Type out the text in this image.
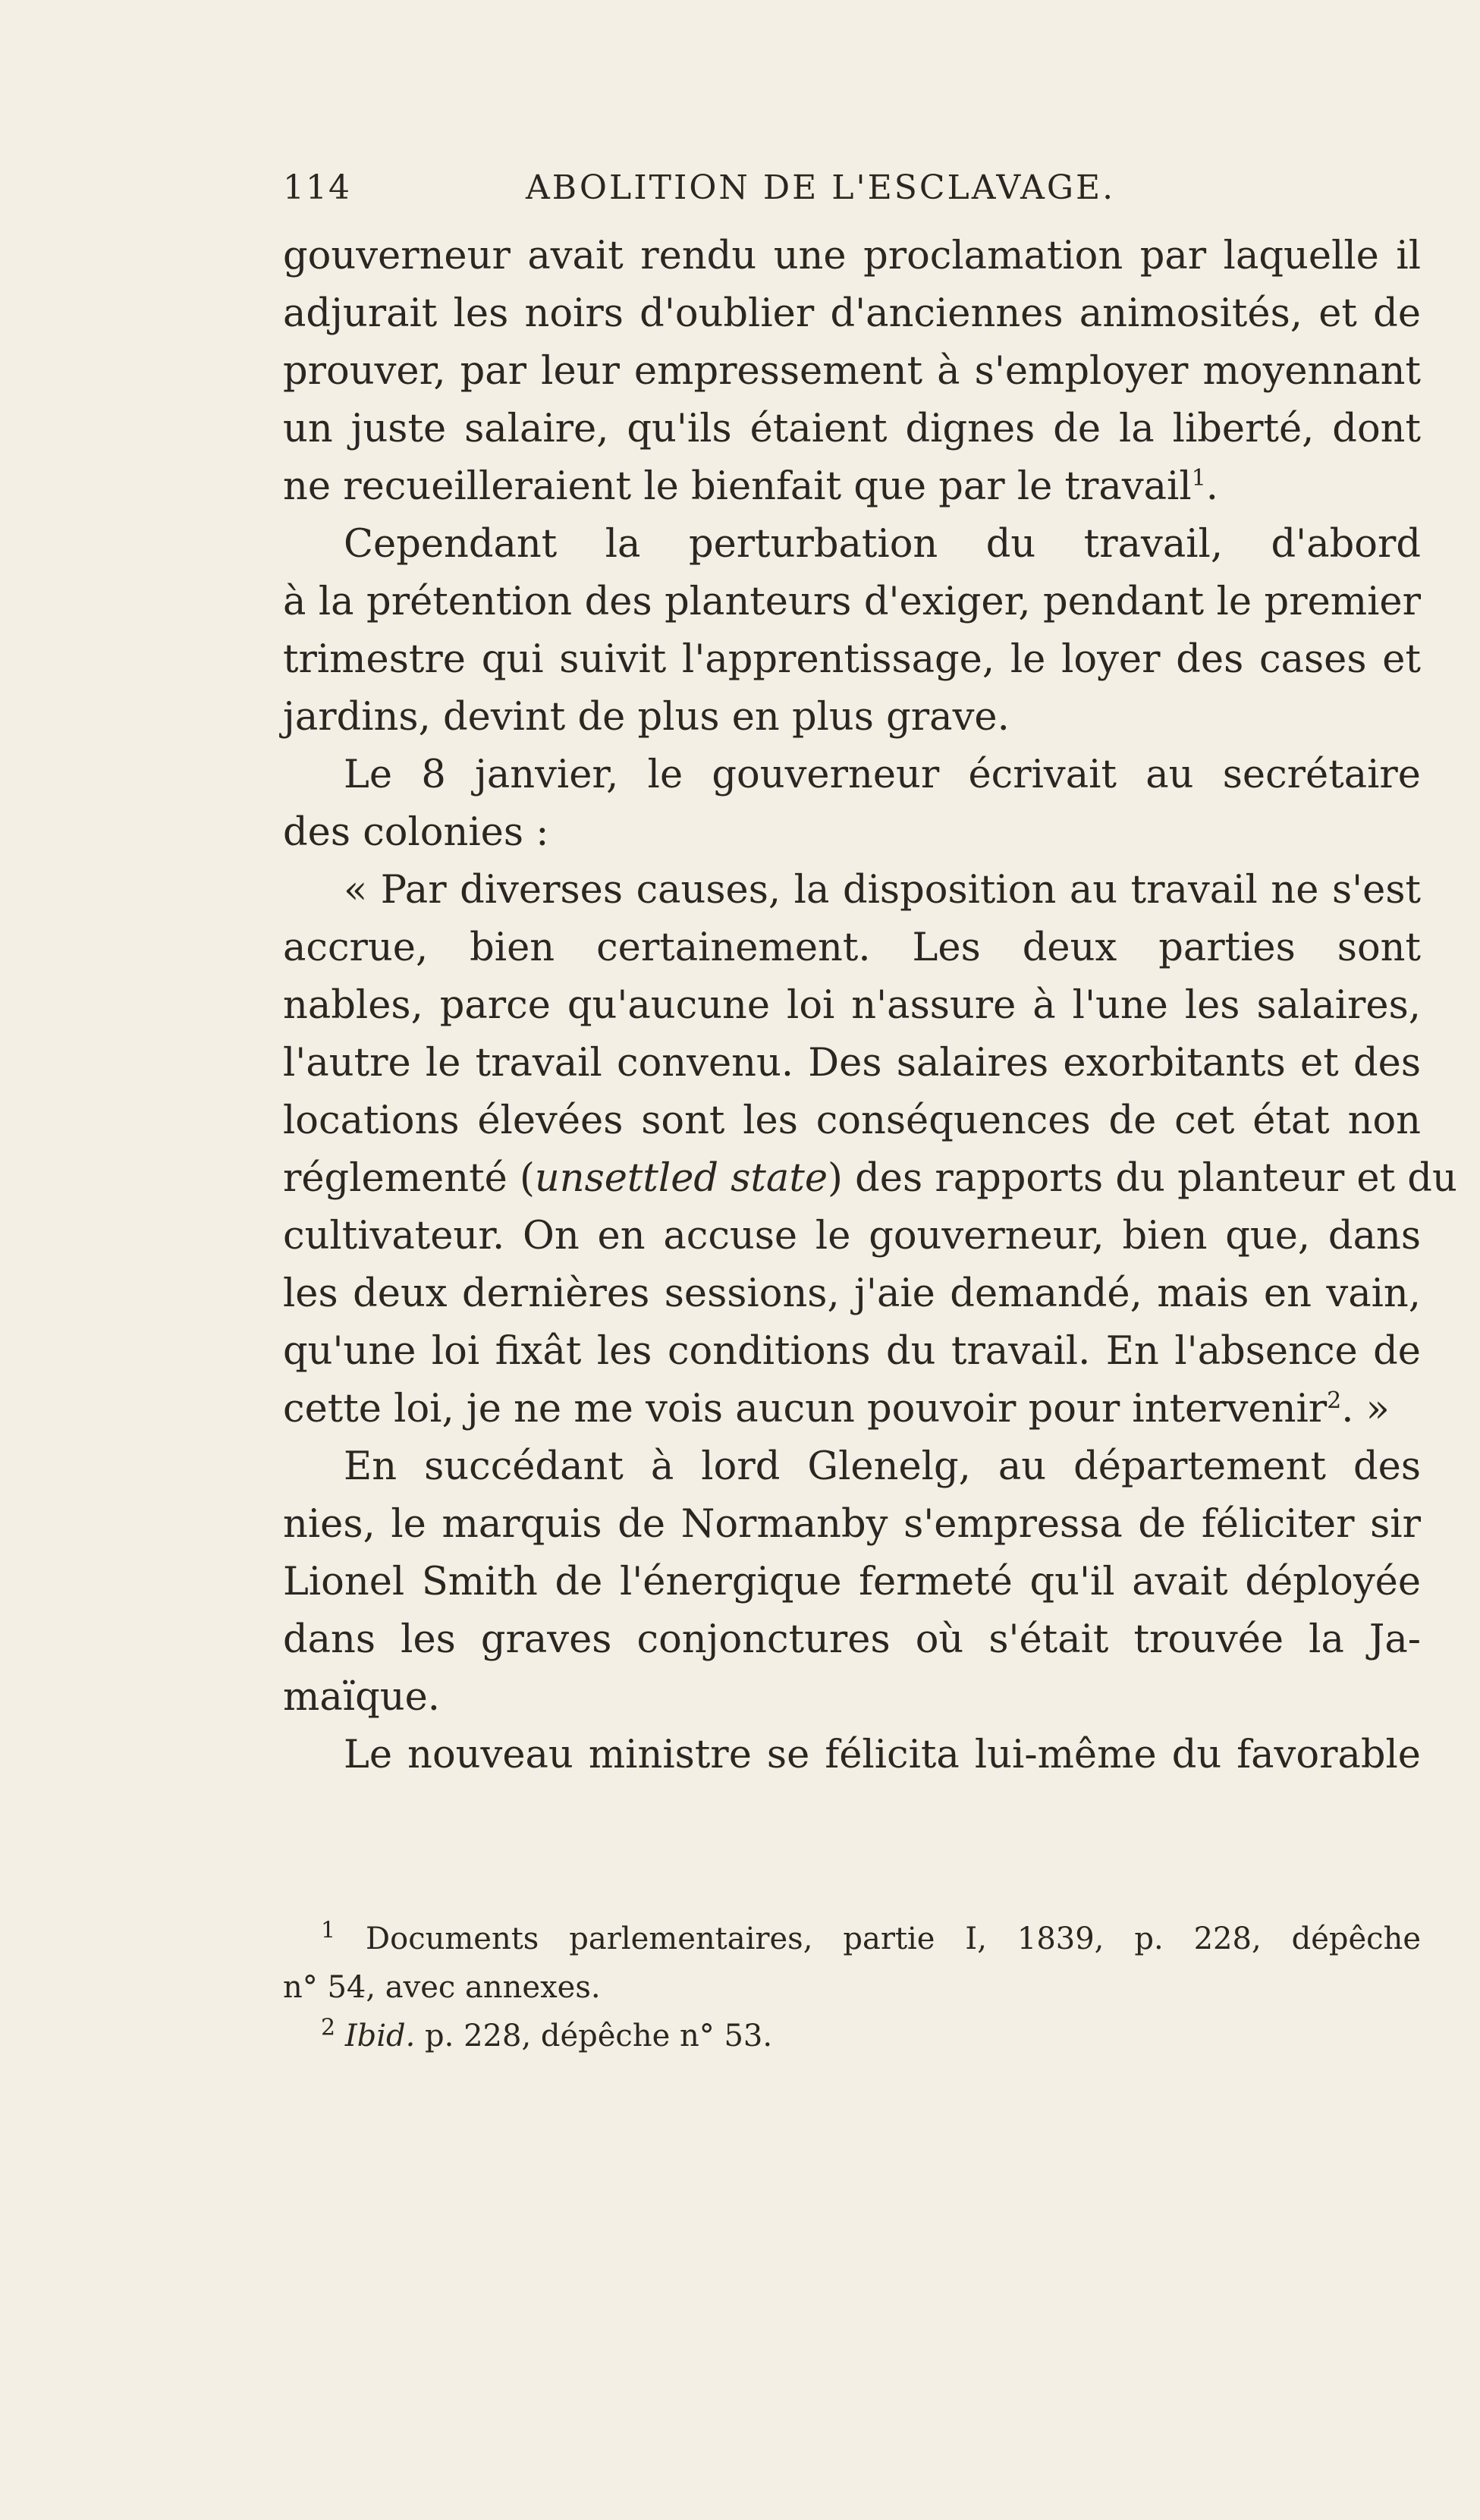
114	ABOLITION DE L'ESCLAVAGE.
gouverneur avait rendu une proclamation par laquelle il
adjurait les noirs d'oublier d'anciennes animosités, et de
prouver, par leur empressement à s'employer moyennant
un juste salaire, qu'ils étaient dignes de la liberté, dont
ne recueilleraient le bienfait que par le travail$^1$.
Cependant la perturbation du travail, d'abord
à la prétention des planteurs d'exiger, pendant le premier
trimestre qui suivit l'apprentissage, le loyer des cases et
jardins, devint de plus en plus grave.
Le 8 janvier, le gouverneur écrivait au secrétaire
des colonies :
« Par diverses causes, la disposition au travail ne s'est
accrue, bien certainement. Les deux parties sont
nables, parce qu'aucune loi n'assure à l'une les salaires,
l'autre le travail convenu. Des salaires exorbitants et des
locations élevées sont les conséquences de cet état non
réglementé (unsettled state) des rapports du planteur et du
cultivateur. On en accuse le gouverneur, bien que, dans
les deux dernières sessions, j'aie demandé, mais en vain,
qu'une loi fixât les conditions du travail. En l'absence de
cette loi, je ne me vois aucun pouvoir pour intervenir$^2$. »
En succédant à lord Glenelg, au département des
nies, le marquis de Normanby s'empressa de féliciter sir
Lionel Smith de l'énergique fermeté qu'il avait déployée
dans les graves conjonctures où s'était trouvée la Ja-
maïque.
Le nouveau ministre se félicita lui-même du favorable
$^1$ Documents parlementaires, partie I, 1839, p. 228, dépêche
n° 54, avec annexes.
$^2$ Ibid. p. 228, dépêche n° 53.
